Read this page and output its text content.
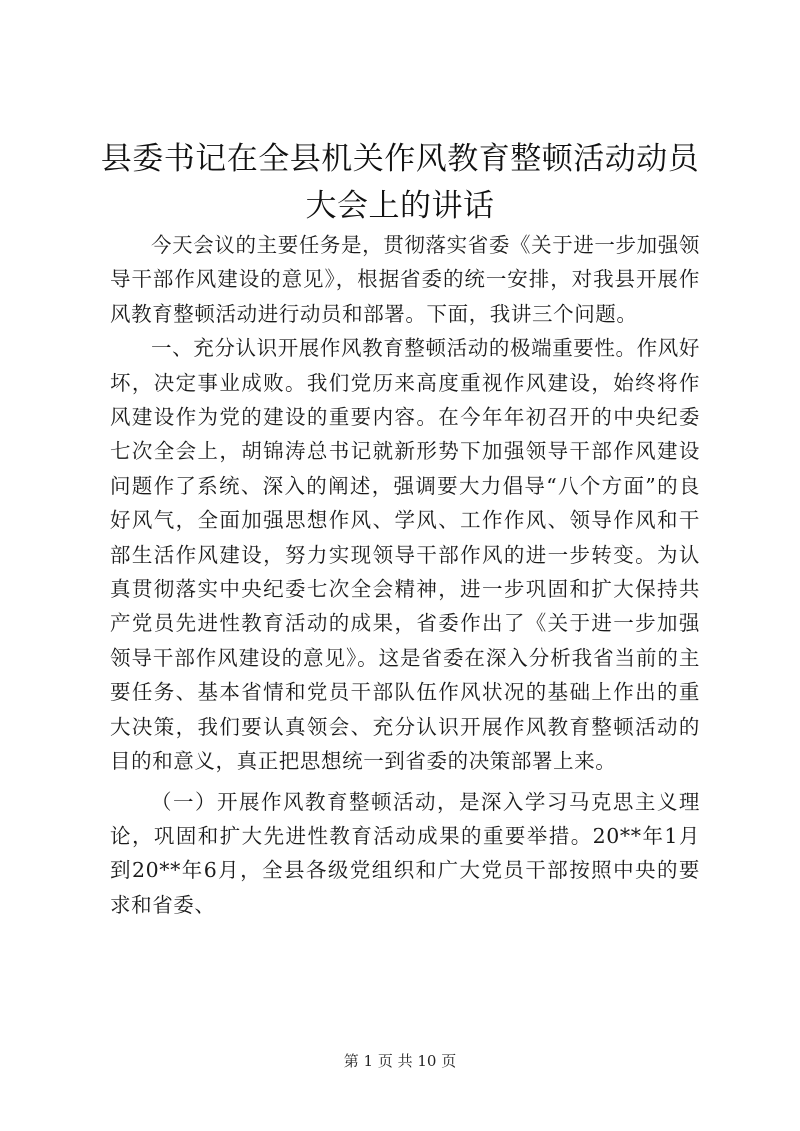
县委书记在全县机关作风教育整顿活动动员大会上的讲话

今天会议的主要任务是，贯彻落实省委《关于进一步加强领导干部作风建设的意见》，根据省委的统一安排，对我县开展作风教育整顿活动进行动员和部署。下面，我讲三个问题。

一、充分认识开展作风教育整顿活动的极端重要性。作风好坏，决定事业成败。我们党历来高度重视作风建设，始终将作风建设作为党的建设的重要内容。在今年年初召开的中央纪委七次全会上，胡锦涛总书记就新形势下加强领导干部作风建设问题作了系统、深入的阐述，强调要大力倡导“八个方面”的良好风气，全面加强思想作风、学风、工作作风、领导作风和干部生活作风建设，努力实现领导干部作风的进一步转变。为认真贯彻落实中央纪委七次全会精神，进一步巩固和扩大保持共产党员先进性教育活动的成果，省委作出了《关于进一步加强领导干部作风建设的意见》。这是省委在深入分析我省当前的主要任务、基本省情和党员干部队伍作风状况的基础上作出的重大决策，我们要认真领会、充分认识开展作风教育整顿活动的目的和意义，真正把思想统一到省委的决策部署上来。

（一）开展作风教育整顿活动，是深入学习马克思主义理论，巩固和扩大先进性教育活动成果的重要举措。20**年1月到20**年6月，全县各级党组织和广大党员干部按照中央的要求和省委、

第 1 页 共 10 页
